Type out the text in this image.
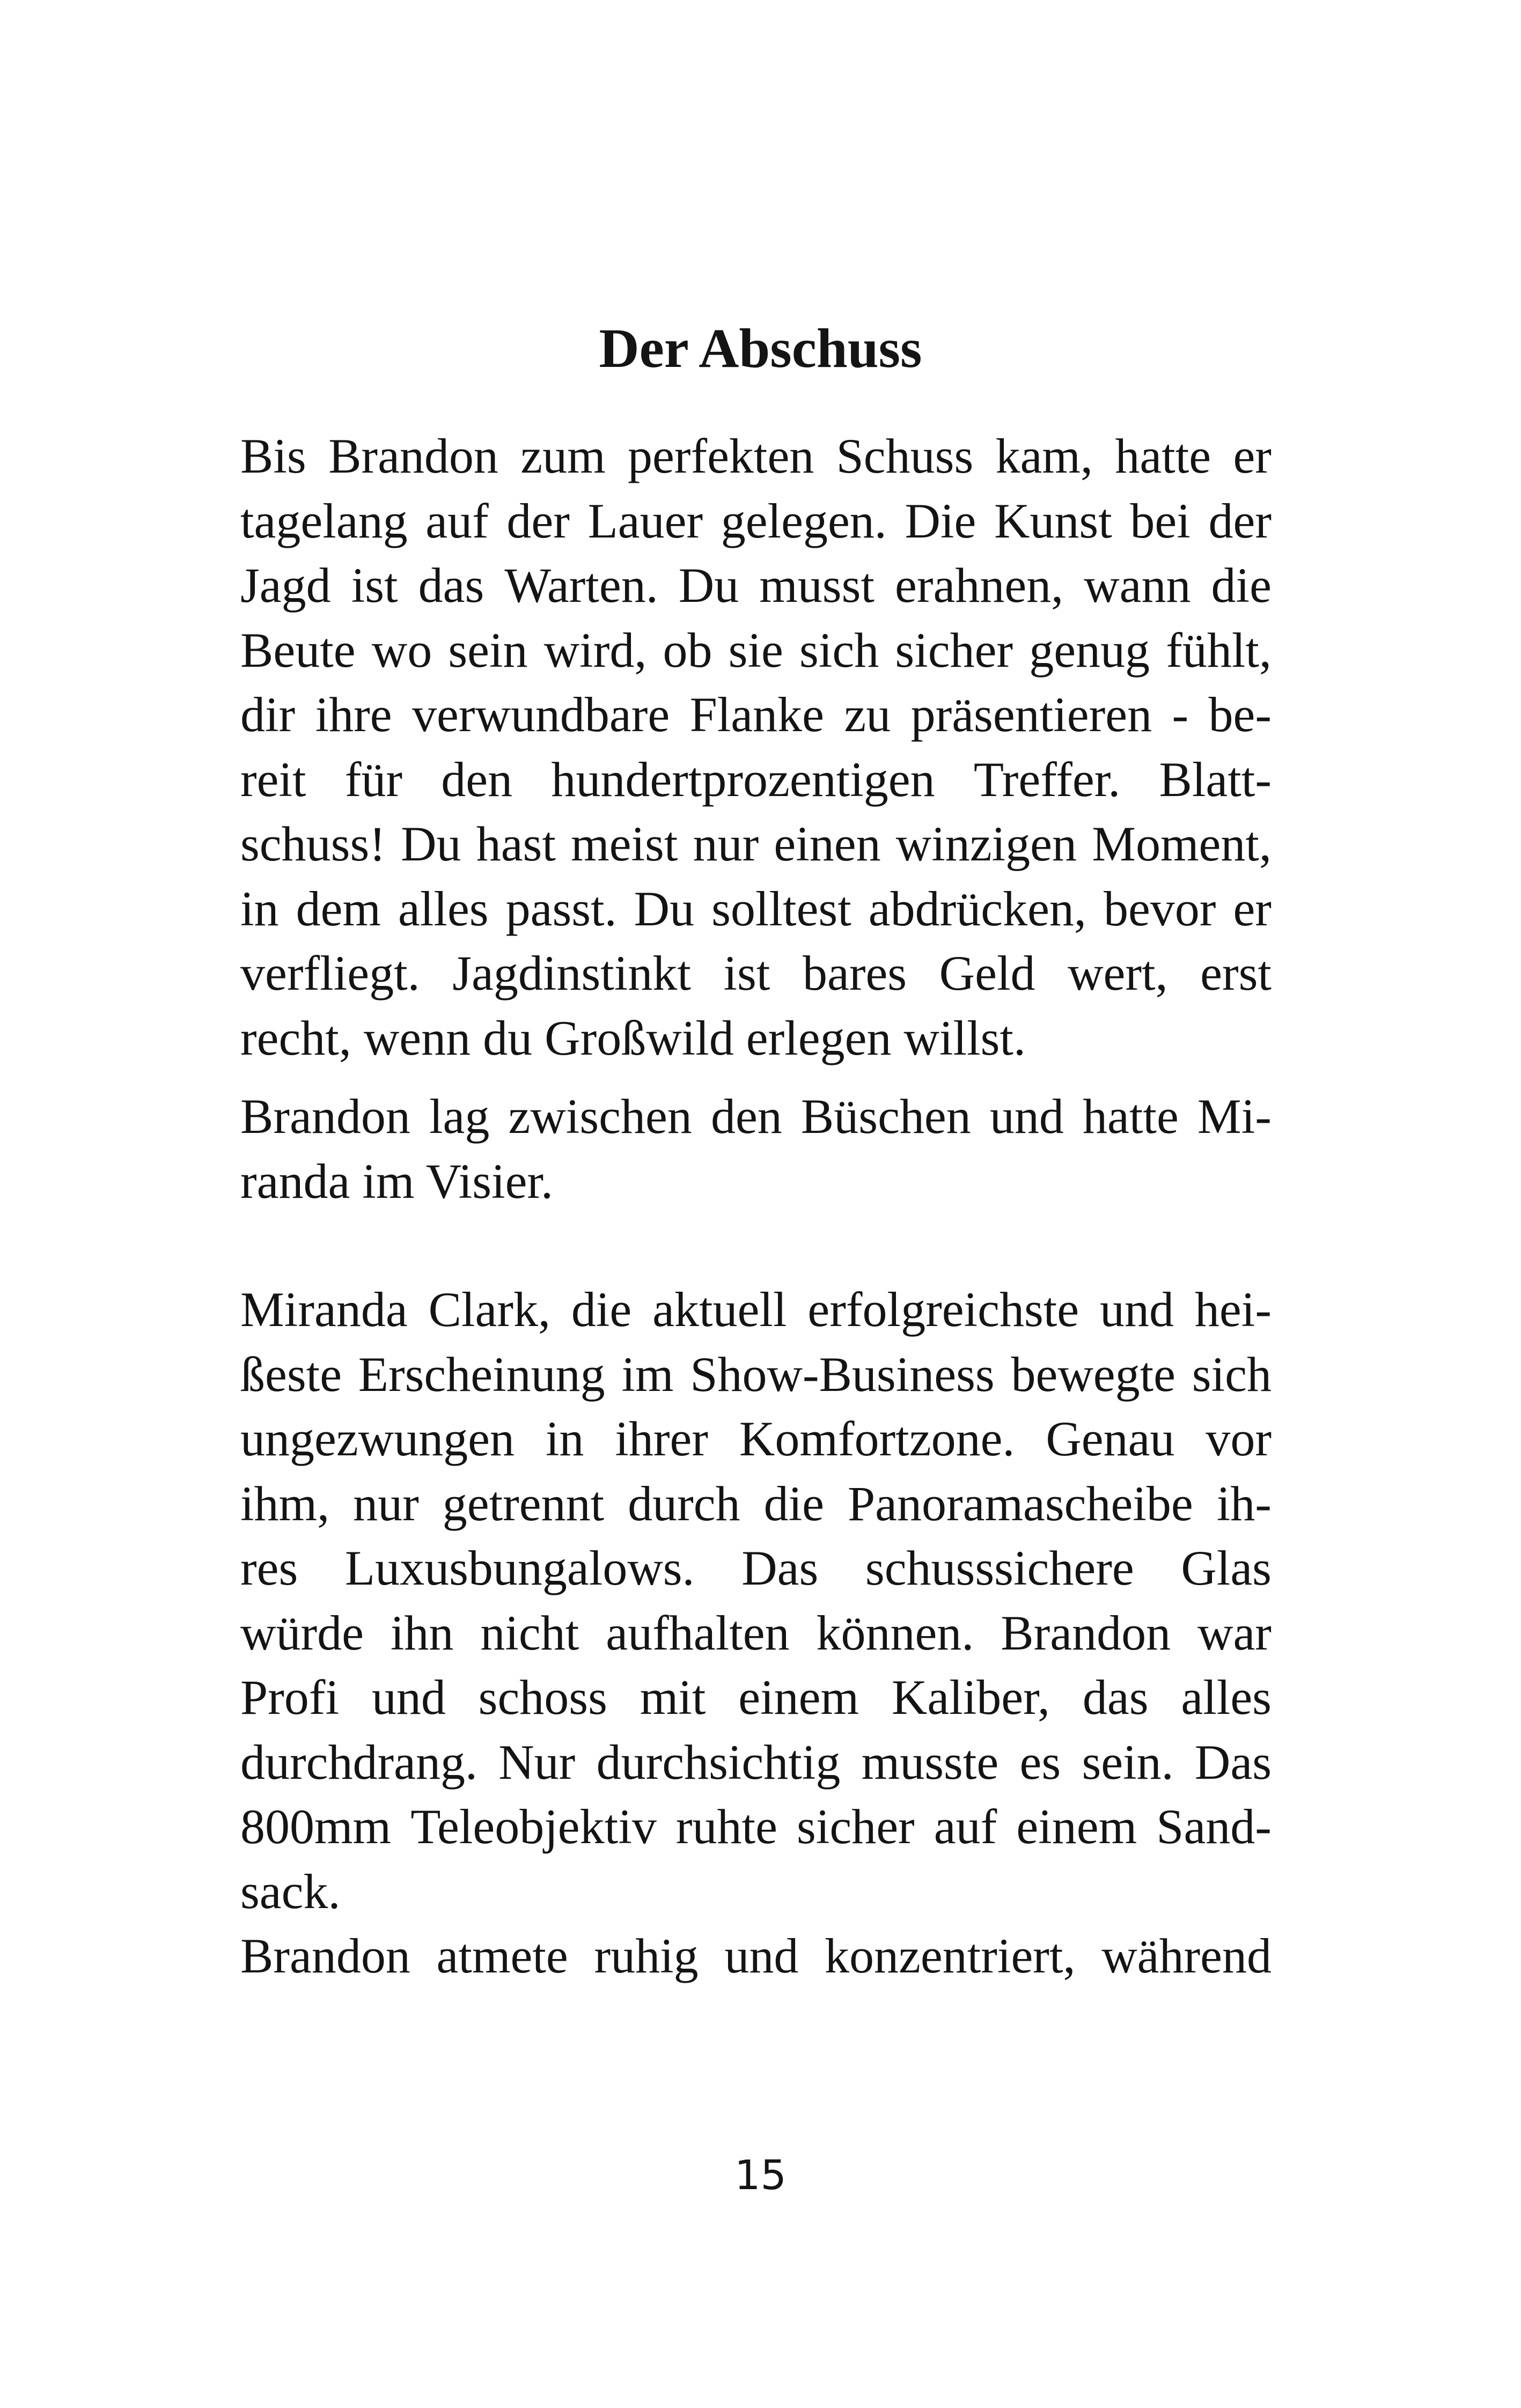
Der Abschuss
Bis Brandon zum perfekten Schuss kam, hatte er
tagelang auf der Lauer gelegen. Die Kunst bei der
Jagd ist das Warten. Du musst erahnen, wann die
Beute wo sein wird, ob sie sich sicher genug fühlt,
dir ihre verwundbare Flanke zu präsentieren - be-
reit für den hundertprozentigen Treffer. Blatt-
schuss! Du hast meist nur einen winzigen Moment,
in dem alles passt. Du solltest abdrücken, bevor er
verfliegt. Jagdinstinkt ist bares Geld wert, erst
recht, wenn du Großwild erlegen willst.
Brandon lag zwischen den Büschen und hatte Mi-
randa im Visier.
Miranda Clark, die aktuell erfolgreichste und hei-
ßeste Erscheinung im Show-Business bewegte sich
ungezwungen in ihrer Komfortzone. Genau vor
ihm, nur getrennt durch die Panoramascheibe ih-
res Luxusbungalows. Das schusssichere Glas
würde ihn nicht aufhalten können. Brandon war
Profi und schoss mit einem Kaliber, das alles
durchdrang. Nur durchsichtig musste es sein. Das
800mm Teleobjektiv ruhte sicher auf einem Sand-
sack.
Brandon atmete ruhig und konzentriert, während
15
